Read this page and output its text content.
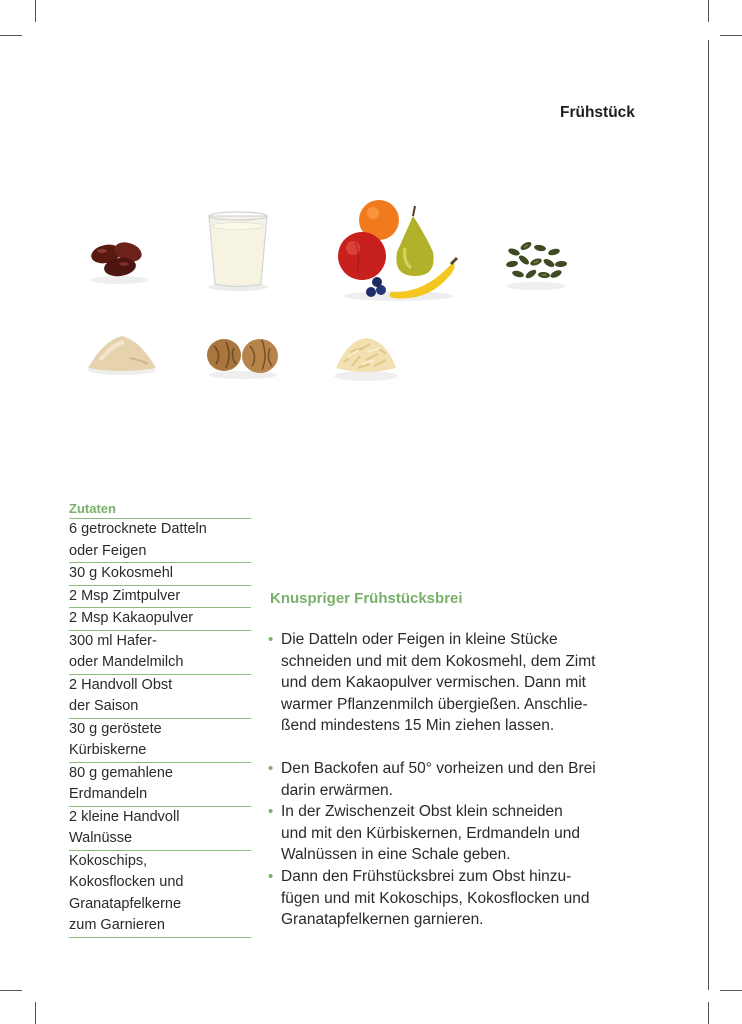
Frühstück
Zutaten
6 getrocknete Datteln
oder Feigen
30 g Kokosmehl
2 Msp Zimtpulver
2 Msp Kakaopulver
300 ml Hafer-
oder Mandelmilch
2 Handvoll Obst
der Saison
30 g geröstete
Kürbiskerne
80 g gemahlene
Erdmandeln
2 kleine Handvoll
Walnüsse
Kokoschips,
Kokosflocken und
Granatapfelkerne
zum Garnieren
Knuspriger Frühstücksbrei
• Die Datteln oder Feigen in kleine Stücke
schneiden und mit dem Kokosmehl, dem Zimt
und dem Kakaopulver vermischen. Dann mit
warmer Pflanzenmilch übergießen. Anschlie-
ßend mindestens 15 Min ziehen lassen.
• Den Backofen auf 50° vorheizen und den Brei
darin erwärmen.
• In der Zwischenzeit Obst klein schneiden
und mit den Kürbiskernen, Erdmandeln und
Walnüssen in eine Schale geben.
• Dann den Frühstücksbrei zum Obst hinzu-
fügen und mit Kokoschips, Kokosflocken und
Granatapfelkernen garnieren.
